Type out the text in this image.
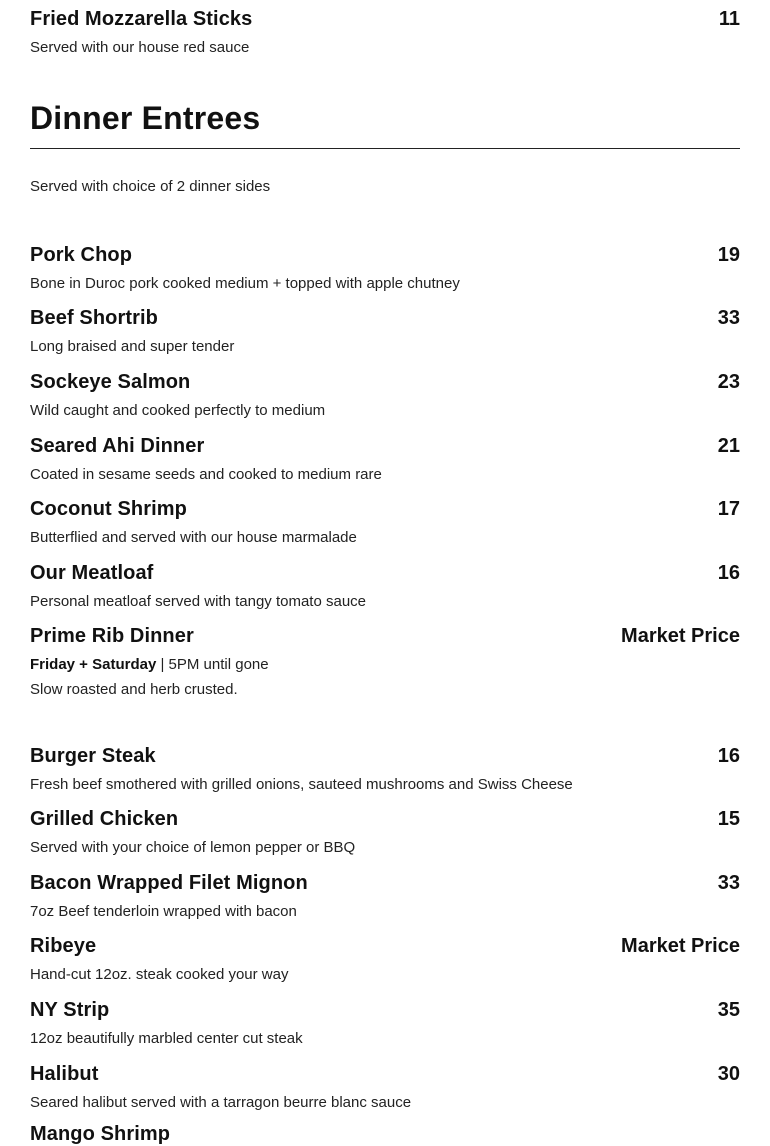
Fried Mozzarella Sticks	11
Served with our house red sauce
Dinner Entrees
Served with choice of 2 dinner sides
Pork Chop	19
Bone in Duroc pork cooked medium + topped with apple chutney
Beef Shortrib	33
Long braised and super tender
Sockeye Salmon	23
Wild caught and cooked perfectly to medium
Seared Ahi Dinner	21
Coated in sesame seeds and cooked to medium rare
Coconut Shrimp	17
Butterflied and served with our house marmalade
Our Meatloaf	16
Personal meatloaf served with tangy tomato sauce
Prime Rib Dinner	Market Price
Friday + Saturday | 5PM until gone
Slow roasted and herb crusted.
Burger Steak	16
Fresh beef smothered with grilled onions, sauteed mushrooms and Swiss Cheese
Grilled Chicken	15
Served with your choice of lemon pepper or BBQ
Bacon Wrapped Filet Mignon	33
7oz Beef tenderloin wrapped with bacon
Ribeye	Market Price
Hand-cut 12oz. steak cooked your way
NY Strip	35
12oz beautifully marbled center cut steak
Halibut	30
Seared halibut served with a tarragon beurre blanc sauce
Mango Shrimp
